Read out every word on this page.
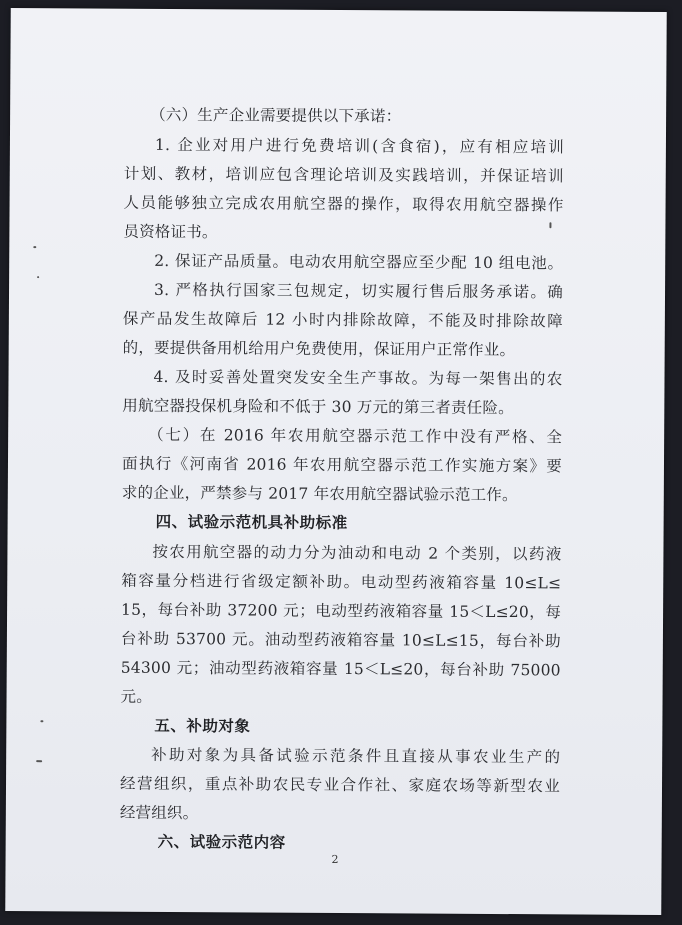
（六）生产企业需要提供以下承诺：
1. 企业对用户进行免费培训(含食宿)，应有相应培训
计划、教材，培训应包含理论培训及实践培训，并保证培训
人员能够独立完成农用航空器的操作，取得农用航空器操作
员资格证书。
2. 保证产品质量。电动农用航空器应至少配 10 组电池。
3. 严格执行国家三包规定，切实履行售后服务承诺。确
保产品发生故障后 12 小时内排除故障，不能及时排除故障
的，要提供备用机给用户免费使用，保证用户正常作业。
4. 及时妥善处置突发安全生产事故。为每一架售出的农
用航空器投保机身险和不低于 30 万元的第三者责任险。
（七）在 2016 年农用航空器示范工作中没有严格、全
面执行《河南省 2016 年农用航空器示范工作实施方案》要
求的企业，严禁参与 2017 年农用航空器试验示范工作。
四、试验示范机具补助标准
按农用航空器的动力分为油动和电动 2 个类别，以药液
箱容量分档进行省级定额补助。电动型药液箱容量 10≤L≤
15，每台补助 37200 元；电动型药液箱容量 15＜L≤20，每
台补助 53700 元。油动型药液箱容量 10≤L≤15，每台补助
54300 元；油动型药液箱容量 15＜L≤20，每台补助 75000
元。
五、补助对象
补助对象为具备试验示范条件且直接从事农业生产的
经营组织，重点补助农民专业合作社、家庭农场等新型农业
经营组织。
六、试验示范内容
2
